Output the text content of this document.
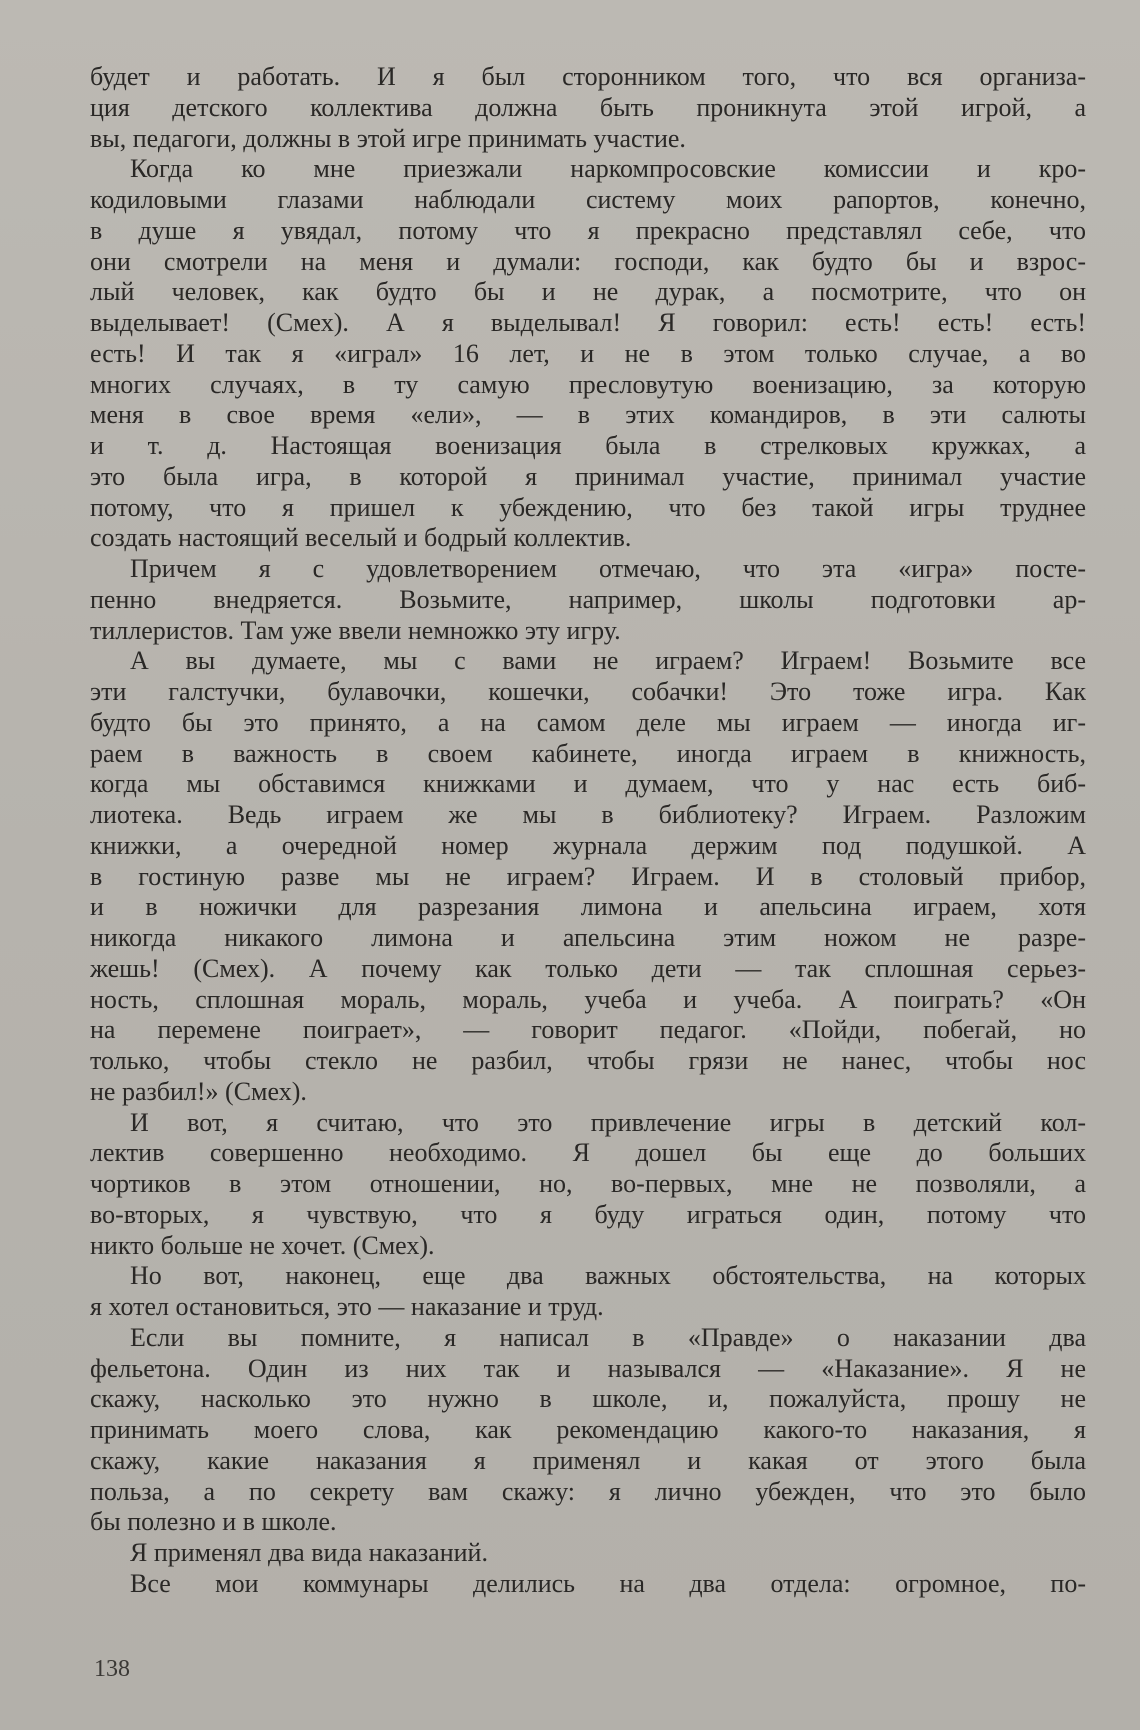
будет и работать. И я был сторонником того, что вся организа-
ция детского коллектива должна быть проникнута этой игрой, а
вы, педагоги, должны в этой игре принимать участие.
Когда ко мне приезжали наркомпросовские комиссии и кро-
кодиловыми глазами наблюдали систему моих рапортов, конечно,
в душе я увядал, потому что я прекрасно представлял себе, что
они смотрели на меня и думали: господи, как будто бы и взрос-
лый человек, как будто бы и не дурак, а посмотрите, что он
выделывает! (Смех). А я выделывал! Я говорил: есть! есть! есть!
есть! И так я «играл» 16 лет, и не в этом только случае, а во
многих случаях, в ту самую пресловутую военизацию, за которую
меня в свое время «ели», — в этих командиров, в эти салюты
и т. д. Настоящая военизация была в стрелковых кружках, а
это была игра, в которой я принимал участие, принимал участие
потому, что я пришел к убеждению, что без такой игры труднее
создать настоящий веселый и бодрый коллектив.
Причем я с удовлетворением отмечаю, что эта «игра» посте-
пенно внедряется. Возьмите, например, школы подготовки ар-
тиллеристов. Там уже ввели немножко эту игру.
А вы думаете, мы с вами не играем? Играем! Возьмите все
эти галстучки, булавочки, кошечки, собачки! Это тоже игра. Как
будто бы это принято, а на самом деле мы играем — иногда иг-
раем в важность в своем кабинете, иногда играем в книжность,
когда мы обставимся книжками и думаем, что у нас есть биб-
лиотека. Ведь играем же мы в библиотеку? Играем. Разложим
книжки, а очередной номер журнала держим под подушкой. А
в гостиную разве мы не играем? Играем. И в столовый прибор,
и в ножички для разрезания лимона и апельсина играем, хотя
никогда никакого лимона и апельсина этим ножом не разре-
жешь! (Смех). А почему как только дети — так сплошная серьез-
ность, сплошная мораль, мораль, учеба и учеба. А поиграть? «Он
на перемене поиграет», — говорит педагог. «Пойди, побегай, но
только, чтобы стекло не разбил, чтобы грязи не нанес, чтобы нос
не разбил!» (Смех).
И вот, я считаю, что это привлечение игры в детский кол-
лектив совершенно необходимо. Я дошел бы еще до больших
чортиков в этом отношении, но, во-первых, мне не позволяли, а
во-вторых, я чувствую, что я буду играться один, потому что
никто больше не хочет. (Смех).
Но вот, наконец, еще два важных обстоятельства, на которых
я хотел остановиться, это — наказание и труд.
Если вы помните, я написал в «Правде» о наказании два
фельетона. Один из них так и назывался — «Наказание». Я не
скажу, насколько это нужно в школе, и, пожалуйста, прошу не
принимать моего слова, как рекомендацию какого-то наказания, я
скажу, какие наказания я применял и какая от этого была
польза, а по секрету вам скажу: я лично убежден, что это было
бы полезно и в школе.
Я применял два вида наказаний.
Все мои коммунары делились на два отдела: огромное, по-
138
